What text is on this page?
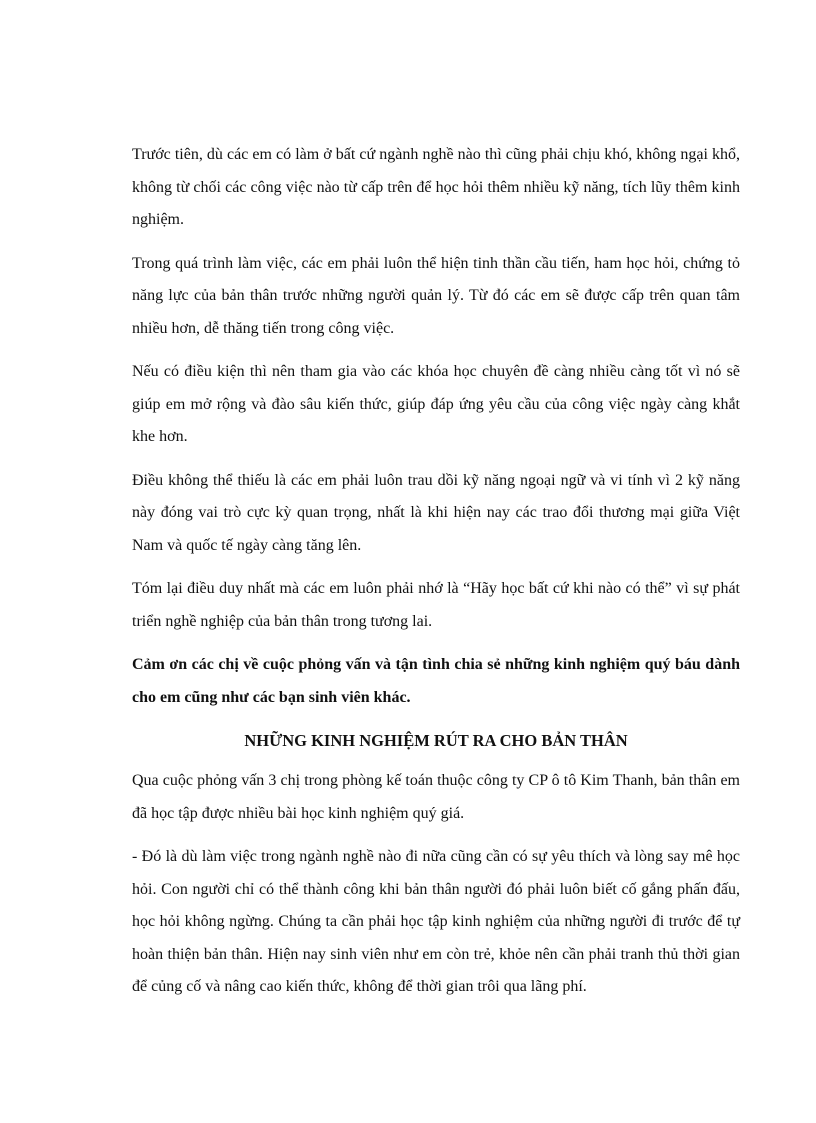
Trước tiên, dù các em có làm ở bất cứ ngành nghề nào thì cũng phải chịu khó, không ngại khổ, không từ chối các công việc nào từ cấp trên để học hỏi thêm nhiều kỹ năng, tích lũy thêm kinh nghiệm.

Trong quá trình làm việc, các em phải luôn thể hiện tinh thần cầu tiến, ham học hỏi, chứng tỏ năng lực của bản thân trước những người quản lý. Từ đó các em sẽ được cấp trên quan tâm nhiều hơn, dễ thăng tiến trong công việc.

Nếu có điều kiện thì nên tham gia vào các khóa học chuyên đề càng nhiều càng tốt vì nó sẽ giúp em mở rộng và đào sâu kiến thức, giúp đáp ứng yêu cầu của công việc ngày càng khắt khe hơn.

Điều không thể thiếu là các em phải luôn trau dồi kỹ năng ngoại ngữ và vi tính vì 2 kỹ năng này đóng vai trò cực kỳ quan trọng, nhất là khi hiện nay các trao đổi thương mại giữa Việt Nam và quốc tế ngày càng tăng lên.

Tóm lại điều duy nhất mà các em luôn phải nhớ là “Hãy học bất cứ khi nào có thể” vì sự phát triển nghề nghiệp của bản thân trong tương lai.

Cảm ơn các chị về cuộc phỏng vấn và tận tình chia sẻ những kinh nghiệm quý báu dành cho em cũng như các bạn sinh viên khác.

NHỮNG KINH NGHIỆM RÚT RA CHO BẢN THÂN

Qua cuộc phỏng vấn 3 chị trong phòng kế toán thuộc công ty CP ô tô Kim Thanh, bản thân em đã học tập được nhiều bài học kinh nghiệm quý giá.

- Đó là dù làm việc trong ngành nghề nào đi nữa cũng cần có sự yêu thích và lòng say mê học hỏi. Con người chỉ có thể thành công khi bản thân người đó phải luôn biết cố gắng phấn đấu, học hỏi không ngừng. Chúng ta cần phải học tập kinh nghiệm của những người đi trước để tự hoàn thiện bản thân. Hiện nay sinh viên như em còn trẻ, khỏe nên cần phải tranh thủ thời gian để củng cố và nâng cao kiến thức, không để thời gian trôi qua lãng phí.
